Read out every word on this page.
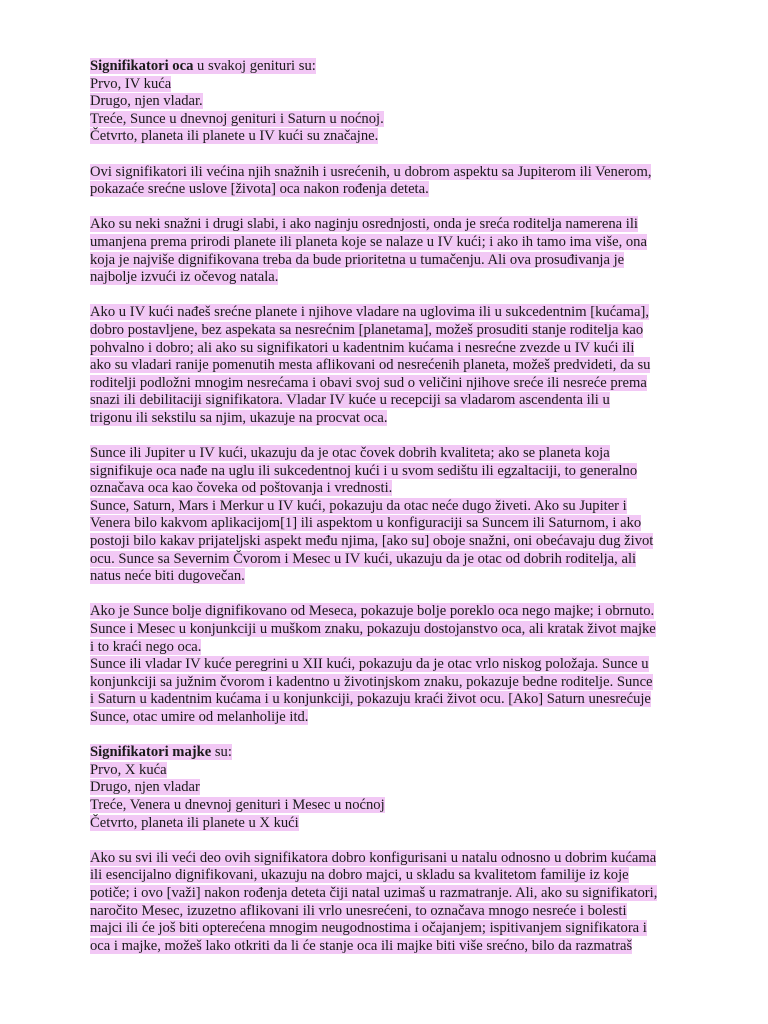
Signifikatori oca u svakoj genituri su:
Prvo, IV kuća
Drugo, njen vladar.
Treće, Sunce u dnevnoj genituri i Saturn u noćnoj.
Četvrto, planeta ili planete u IV kući su značajne.
Ovi signifikatori ili većina njih snažnih i usrećenih, u dobrom aspektu sa Jupiterom ili Venerom,
pokazaće srećne uslove [života] oca nakon rođenja deteta.
Ako su neki snažni i drugi slabi, i ako naginju osrednjosti, onda je sreća roditelja namerena ili
umanjena prema prirodi planete ili planeta koje se nalaze u IV kući; i ako ih tamo ima više, ona
koja je najviše dignifikovana treba da bude prioritetna u tumačenju. Ali ova prosuđivanja je
najbolje izvući iz očevog natala.
Ako u IV kući nađeš srećne planete i njihove vladare na uglovima ili u sukcedentnim [kućama],
dobro postavljene, bez aspekata sa nesrećnim [planetama], možeš prosuditi stanje roditelja kao
pohvalno i dobro; ali ako su signifikatori u kadentnim kućama i nesrećne zvezde u IV kući ili
ako su vladari ranije pomenutih mesta aflikovani od nesrećenih planeta, možeš predvideti, da su
roditelji podložni mnogim nesrećama i obavi svoj sud o veličini njihove sreće ili nesreće prema
snazi ili debilitaciji signifikatora. Vladar IV kuće u recepciji sa vladarom ascendenta ili u
trigonu ili sekstilu sa njim, ukazuje na procvat oca.
Sunce ili Jupiter u IV kući, ukazuju da je otac čovek dobrih kvaliteta; ako se planeta koja
signifikuje oca nađe na uglu ili sukcedentnoj kući i u svom sedištu ili egzaltaciji, to generalno
označava oca kao čoveka od poštovanja i vrednosti.
Sunce, Saturn, Mars i Merkur u IV kući, pokazuju da otac neće dugo živeti. Ako su Jupiter i
Venera bilo kakvom aplikacijom[1] ili aspektom u konfiguraciji sa Suncem ili Saturnom, i ako
postoji bilo kakav prijateljski aspekt među njima, [ako su] oboje snažni, oni obećavaju dug život
ocu. Sunce sa Severnim Čvorom i Mesec u IV kući, ukazuju da je otac od dobrih roditelja, ali
natus neće biti dugovečan.
Ako je Sunce bolje dignifikovano od Meseca, pokazuje bolje poreklo oca nego majke; i obrnuto.
Sunce i Mesec u konjunkciji u muškom znaku, pokazuju dostojanstvo oca, ali kratak život majke
i to kraći nego oca.
Sunce ili vladar IV kuće peregrini u XII kući, pokazuju da je otac vrlo niskog položaja. Sunce u
konjunkciji sa južnim čvorom i kadentno u životinjskom znaku, pokazuje bedne roditelje. Sunce
i Saturn u kadentnim kućama i u konjunkciji, pokazuju kraći život ocu. [Ako] Saturn unesrećuje
Sunce, otac umire od melanholije itd.
Signifikatori majke su:
Prvo, X kuća
Drugo, njen vladar
Treće, Venera u dnevnoj genituri i Mesec u noćnoj
Četvrto, planeta ili planete u X kući
Ako su svi ili veći deo ovih signifikatora dobro konfigurisani u natalu odnosno u dobrim kućama
ili esencijalno dignifikovani, ukazuju na dobro majci, u skladu sa kvalitetom familije iz koje
potiče; i ovo [važi] nakon rođenja deteta čiji natal uzimaš u razmatranje. Ali, ako su signifikatori,
naročito Mesec, izuzetno aflikovani ili vrlo unesrećeni, to označava mnogo nesreće i bolesti
majci ili će još biti opterećena mnogim neugodnostima i očajanjem; ispitivanjem signifikatora i
oca i majke, možeš lako otkriti da li će stanje oca ili majke biti više srećno, bilo da razmatraš
